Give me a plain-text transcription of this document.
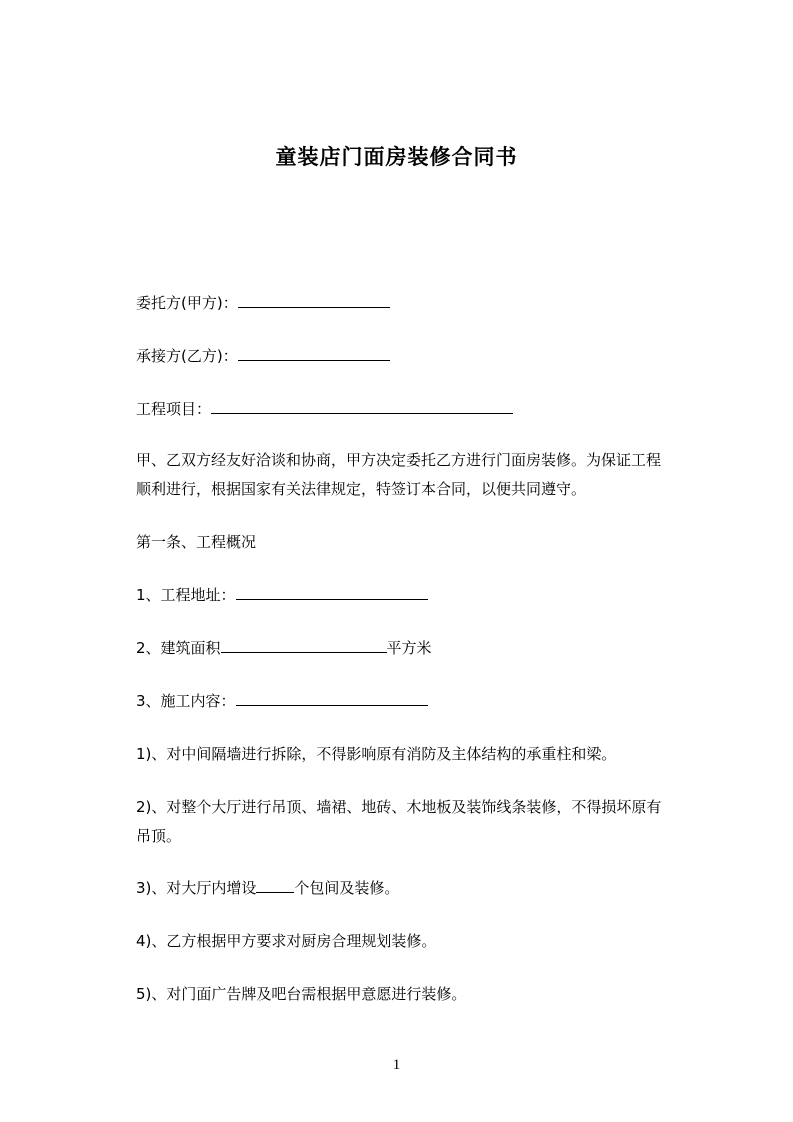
童装店门面房装修合同书
委托方(甲方)：
承接方(乙方)：
工程项目：
甲、乙双方经友好洽谈和协商，甲方决定委托乙方进行门面房装修。为保证工程
顺利进行，根据国家有关法律规定，特签订本合同，以便共同遵守。
第一条、工程概况
1、工程地址：
2、建筑面积	平方米
3、施工内容：
1)、对中间隔墙进行拆除，不得影响原有消防及主体结构的承重柱和梁。
2)、对整个大厅进行吊顶、墙裙、地砖、木地板及装饰线条装修，不得损坏原有
吊顶。
3)、对大厅内增设	个包间及装修。
4)、乙方根据甲方要求对厨房合理规划装修。
5)、对门面广告牌及吧台需根据甲意愿进行装修。
1
